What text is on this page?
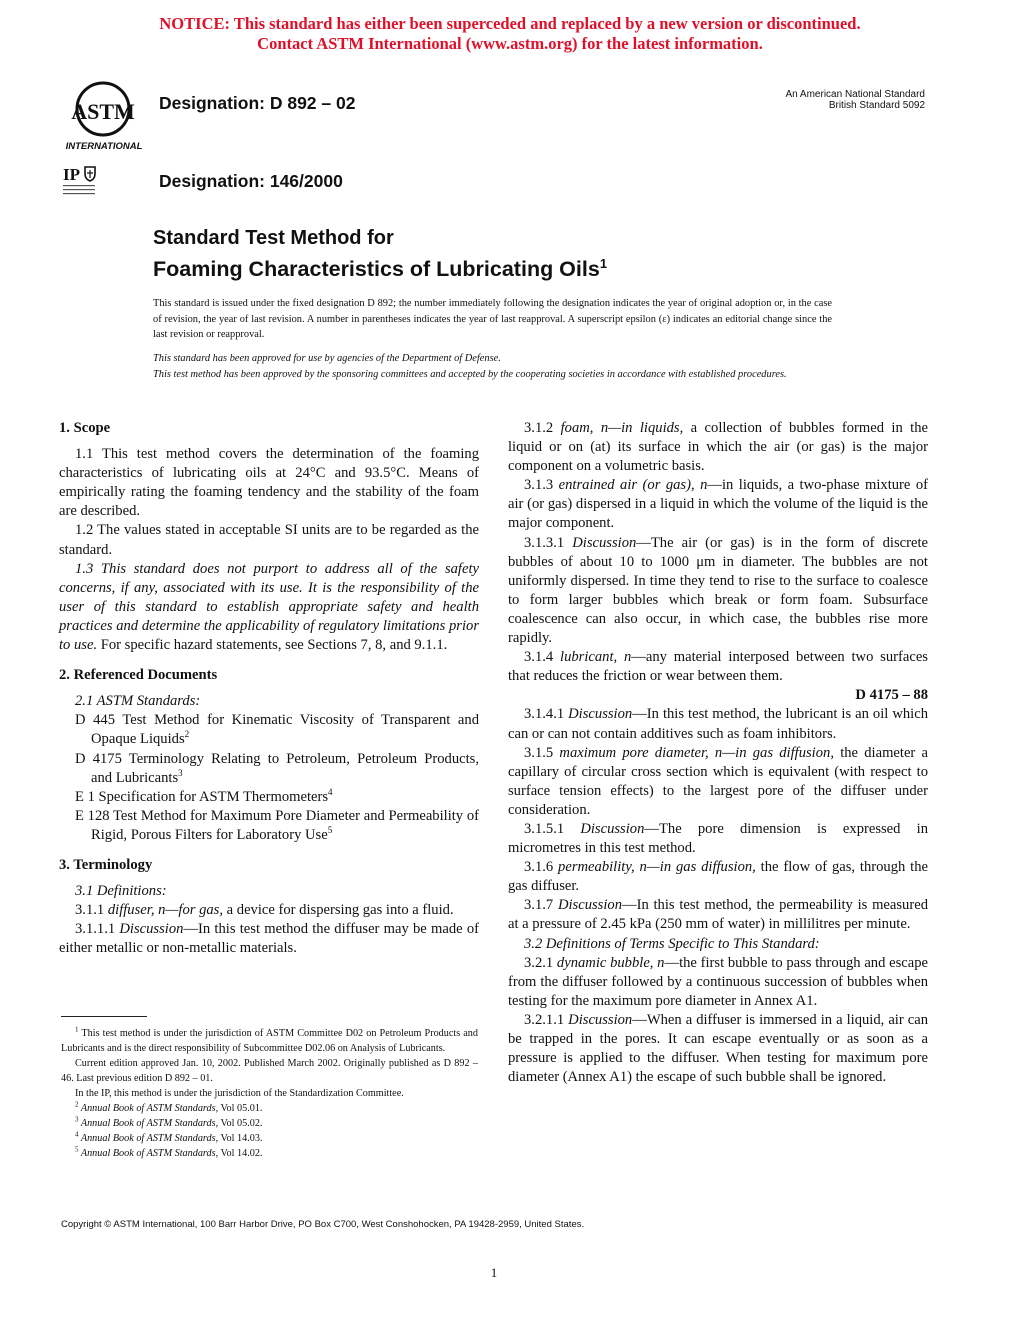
NOTICE: This standard has either been superceded and replaced by a new version or discontinued.
Contact ASTM International (www.astm.org) for the latest information.
ASTM
INTERNATIONAL
Designation: D 892 – 02	An American National Standard
British Standard 5092
IP	Designation: 146/2000
Standard Test Method for
Foaming Characteristics of Lubricating Oils$^1$
This standard is issued under the fixed designation D 892; the number immediately following the designation indicates the year of original adoption or, in the case of revision, the year of last revision. A number in parentheses indicates the year of last reapproval. A superscript epsilon (ε) indicates an editorial change since the last revision or reapproval.
This standard has been approved for use by agencies of the Department of Defense.
This test method has been approved by the sponsoring committees and accepted by the cooperating societies in accordance with established procedures.

1. Scope

1.1 This test method covers the determination of the foaming characteristics of lubricating oils at 24°C and 93.5°C. Means of empirically rating the foaming tendency and the stability of the foam are described.

1.2 The values stated in acceptable SI units are to be regarded as the standard.

1.3 This standard does not purport to address all of the safety concerns, if any, associated with its use. It is the responsibility of the user of this standard to establish appropriate safety and health practices and determine the applicability of regulatory limitations prior to use. For specific hazard statements, see Sections 7, 8, and 9.1.1.

2. Referenced Documents

2.1 ASTM Standards:

D 445 Test Method for Kinematic Viscosity of Transparent and Opaque Liquids$^2$

D 4175 Terminology Relating to Petroleum, Petroleum Products, and Lubricants$^3$

E 1 Specification for ASTM Thermometers$^4$

E 128 Test Method for Maximum Pore Diameter and Permeability of Rigid, Porous Filters for Laboratory Use$^5$

3. Terminology

3.1 Definitions:

3.1.1 diffuser, n—for gas, a device for dispersing gas into a fluid.

3.1.1.1 Discussion—In this test method the diffuser may be made of either metallic or non-metallic materials.

$^1$ This test method is under the jurisdiction of ASTM Committee D02 on Petroleum Products and Lubricants and is the direct responsibility of Subcommittee D02.06 on Analysis of Lubricants.

Current edition approved Jan. 10, 2002. Published March 2002. Originally published as D 892 – 46. Last previous edition D 892 – 01.

In the IP, this method is under the jurisdiction of the Standardization Committee.

$^2$ Annual Book of ASTM Standards, Vol 05.01.

$^3$ Annual Book of ASTM Standards, Vol 05.02.

$^4$ Annual Book of ASTM Standards, Vol 14.03.

$^5$ Annual Book of ASTM Standards, Vol 14.02.

3.1.2 foam, n—in liquids, a collection of bubbles formed in the liquid or on (at) its surface in which the air (or gas) is the major component on a volumetric basis.

3.1.3 entrained air (or gas), n—in liquids, a two-phase mixture of air (or gas) dispersed in a liquid in which the volume of the liquid is the major component.

3.1.3.1 Discussion—The air (or gas) is in the form of discrete bubbles of about 10 to 1000 μm in diameter. The bubbles are not uniformly dispersed. In time they tend to rise to the surface to coalesce to form larger bubbles which break or form foam. Subsurface coalescence can also occur, in which case, the bubbles rise more rapidly.

3.1.4 lubricant, n—any material interposed between two surfaces that reduces the friction or wear between them.

D 4175 – 88

3.1.4.1 Discussion—In this test method, the lubricant is an oil which can or can not contain additives such as foam inhibitors.

3.1.5 maximum pore diameter, n—in gas diffusion, the diameter a capillary of circular cross section which is equivalent (with respect to surface tension effects) to the largest pore of the diffuser under consideration.

3.1.5.1 Discussion—The pore dimension is expressed in micrometres in this test method.

3.1.6 permeability, n—in gas diffusion, the flow of gas, through the gas diffuser.

3.1.7 Discussion—In this test method, the permeability is measured at a pressure of 2.45 kPa (250 mm of water) in millilitres per minute.

3.2 Definitions of Terms Specific to This Standard:

3.2.1 dynamic bubble, n—the first bubble to pass through and escape from the diffuser followed by a continuous succession of bubbles when testing for the maximum pore diameter in Annex A1.

3.2.1.1 Discussion—When a diffuser is immersed in a liquid, air can be trapped in the pores. It can escape eventually or as soon as a pressure is applied to the diffuser. When testing for maximum pore diameter (Annex A1) the escape of such bubble shall be ignored.

Copyright © ASTM International, 100 Barr Harbor Drive, PO Box C700, West Conshohocken, PA 19428-2959, United States.
1
